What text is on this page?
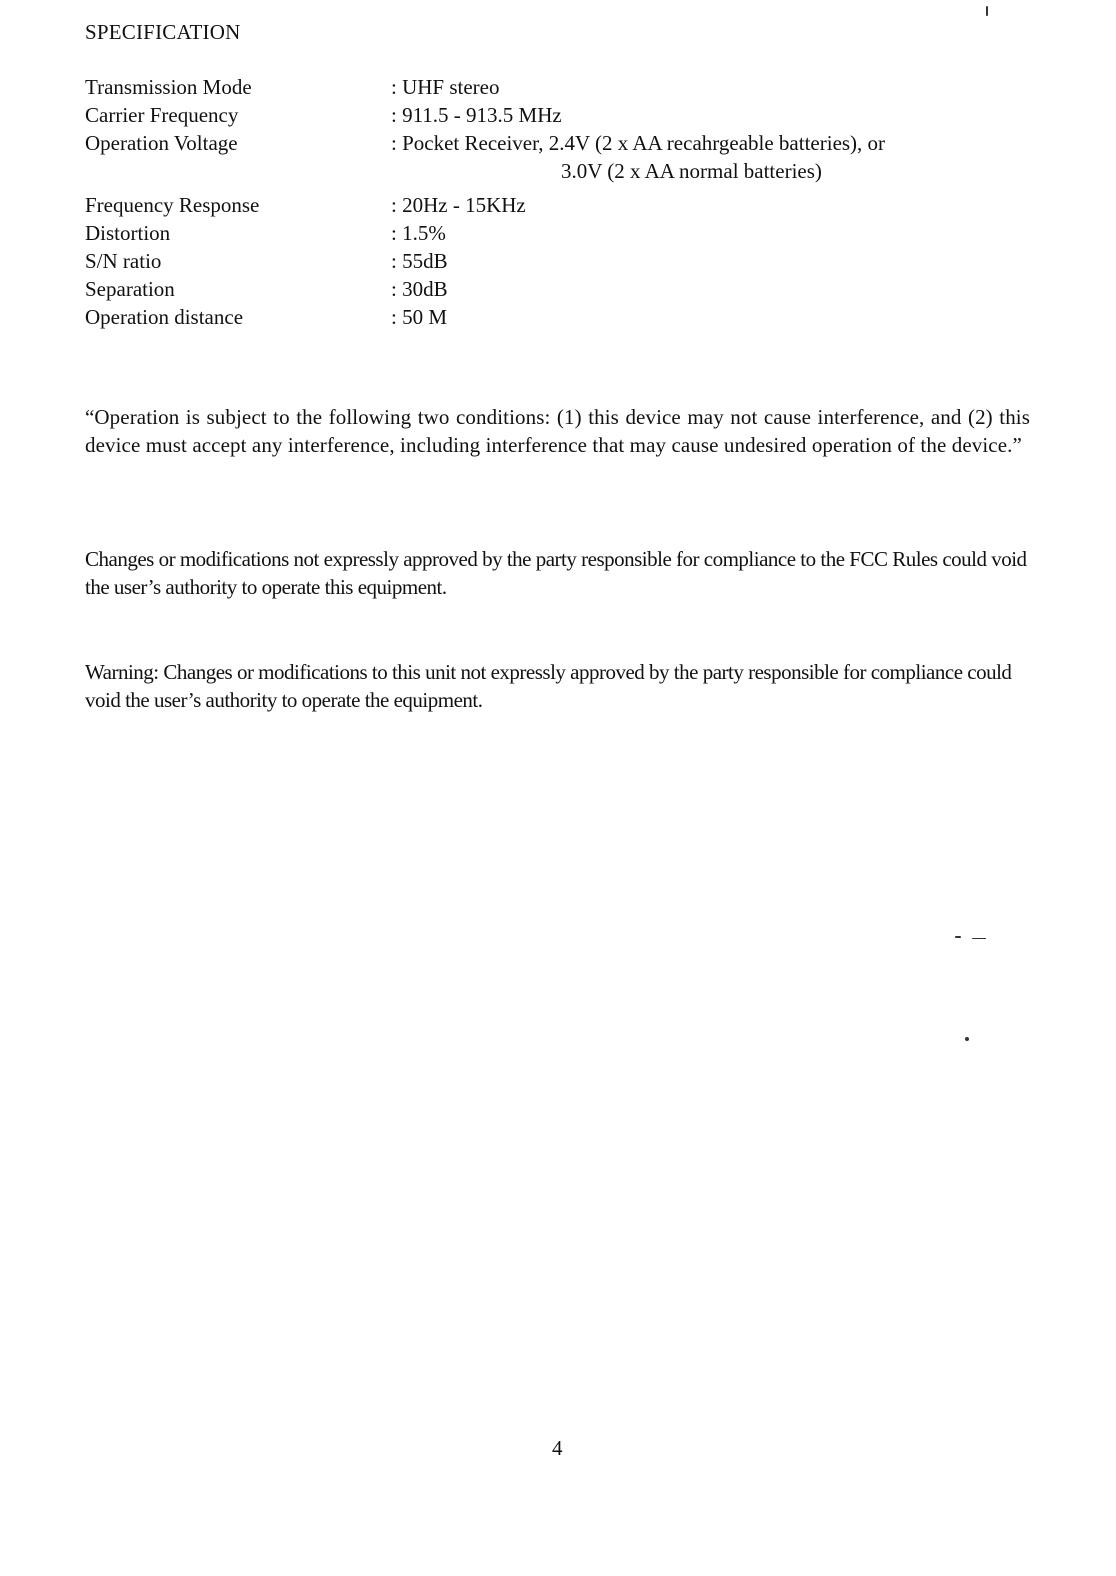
SPECIFICATION
Transmission Mode	: UHF stereo
Carrier Frequency	: 911.5 - 913.5 MHz
Operation Voltage	: Pocket Receiver, 2.4V (2 x AA recahrgeable batteries), or
3.0V (2 x AA normal batteries)
Frequency Response	: 20Hz - 15KHz
Distortion	: 1.5%
S/N ratio	: 55dB
Separation	: 30dB
Operation distance	: 50 M

“Operation is subject to the following two conditions: (1) this device may not cause interference, and (2) this device must accept any interference, including interference that may cause undesired operation of the device.”

Changes or modifications not expressly approved by the party responsible for compliance to the FCC Rules could void the user’s authority to operate this equipment.

Warning: Changes or modifications to this unit not expressly approved by the party responsible for compliance could void the user’s authority to operate the equipment.

4
